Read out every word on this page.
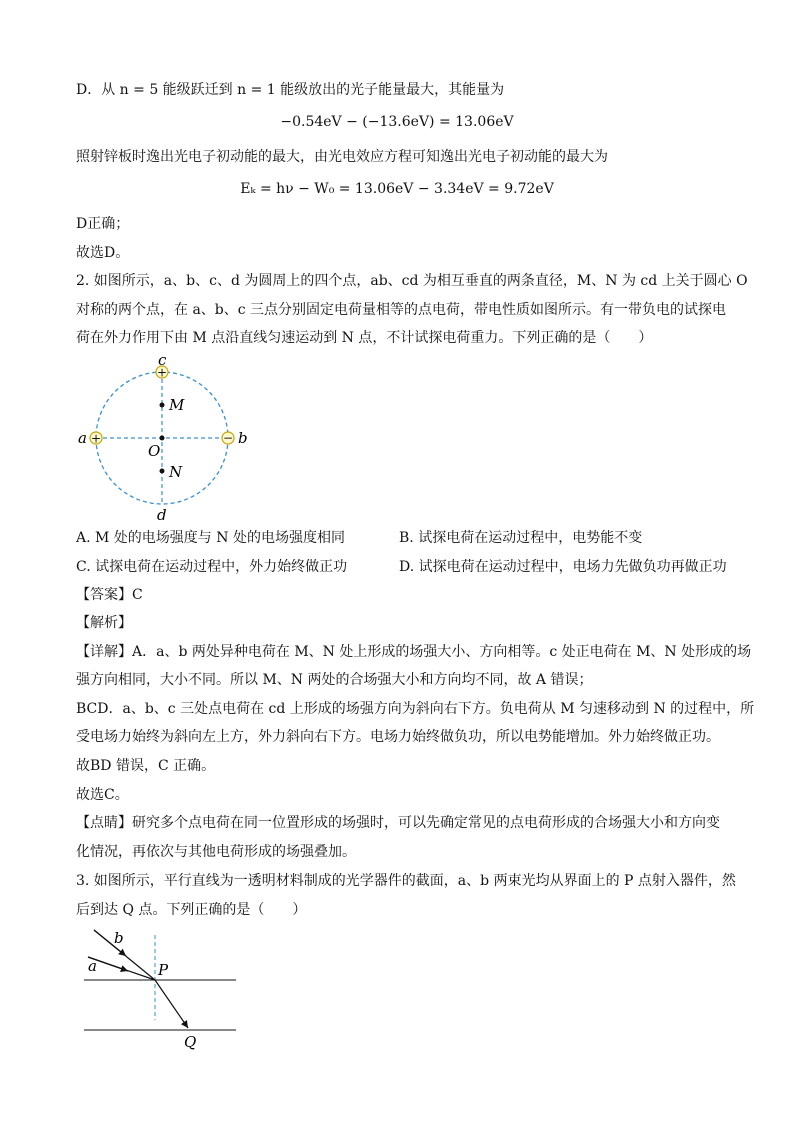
D．从 n = 5 能级跃迁到 n = 1 能级放出的光子能量最大，其能量为
−0.54eV − (−13.6eV) = 13.06eV
照射锌板时逸出光电子初动能的最大，由光电效应方程可知逸出光电子初动能的最大为
Eₖ = hν − W₀ = 13.06eV − 3.34eV = 9.72eV
D正确；
故选D。
2. 如图所示，a、b、c、d 为圆周上的四个点，ab、cd 为相互垂直的两条直径，M、N 为 cd 上关于圆心 O
对称的两个点，在 a、b、c 三点分别固定电荷量相等的点电荷，带电性质如图所示。有一带负电的试探电
荷在外力作用下由 M 点沿直线匀速运动到 N 点，不计试探电荷重力。下列正确的是（　　）
+
+	−
c
d
a	b
M
O
N
A. M 处的电场强度与 N 处的电场强度相同	B. 试探电荷在运动过程中，电势能不变
C. 试探电荷在运动过程中，外力始终做正功	D. 试探电荷在运动过程中，电场力先做负功再做正功
【答案】C
【解析】
【详解】A．a、b 两处异种电荷在 M、N 处上形成的场强大小、方向相等。c 处正电荷在 M、N 处形成的场
强方向相同，大小不同。所以 M、N 两处的合场强大小和方向均不同，故 A 错误；
BCD．a、b、c 三处点电荷在 cd 上形成的场强方向为斜向右下方。负电荷从 M 匀速移动到 N 的过程中，所
受电场力始终为斜向左上方，外力斜向右下方。电场力始终做负功，所以电势能增加。外力始终做正功。
故BD 错误，C 正确。
故选C。
【点睛】研究多个点电荷在同一位置形成的场强时，可以先确定常见的点电荷形成的合场强大小和方向变
化情况，再依次与其他电荷形成的场强叠加。
3. 如图所示，平行直线为一透明材料制成的光学器件的截面，a、b 两束光均从界面上的 P 点射入器件，然
后到达 Q 点。下列正确的是（　　）
b
a	P
Q
